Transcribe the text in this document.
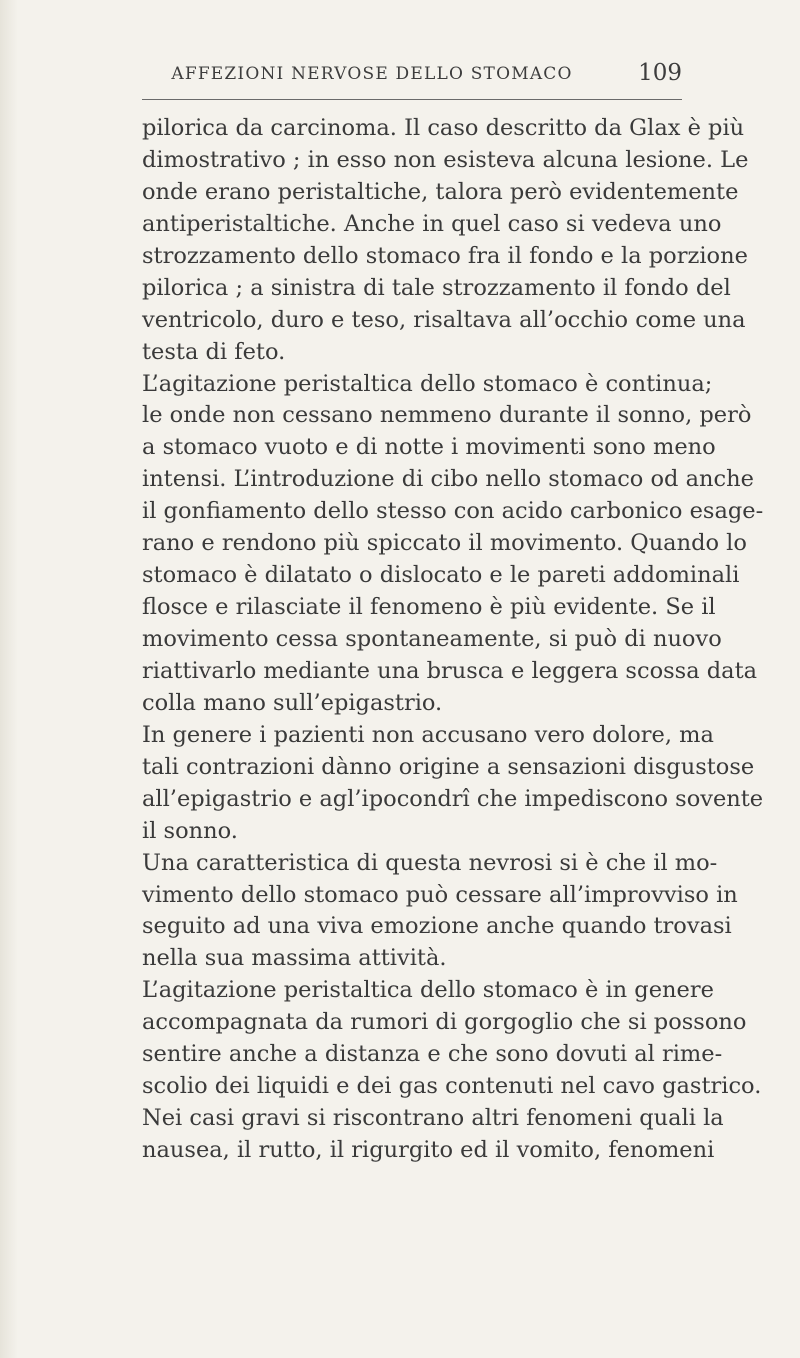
AFFEZIONI NERVOSE DELLO STOMACO	109
pilorica da carcinoma. Il caso descritto da Glax è più
dimostrativo ; in esso non esisteva alcuna lesione. Le
onde erano peristaltiche, talora però evidentemente
antiperistaltiche. Anche in quel caso si vedeva uno
strozzamento dello stomaco fra il fondo e la porzione
pilorica ; a sinistra di tale strozzamento il fondo del
ventricolo, duro e teso, risaltava all’occhio come una
testa di feto.
L’agitazione peristaltica dello stomaco è continua;
le onde non cessano nemmeno durante il sonno, però
a stomaco vuoto e di notte i movimenti sono meno
intensi. L’introduzione di cibo nello stomaco od anche
il gonfiamento dello stesso con acido carbonico esage-
rano e rendono più spiccato il movimento. Quando lo
stomaco è dilatato o dislocato e le pareti addominali
flosce e rilasciate il fenomeno è più evidente. Se il
movimento cessa spontaneamente, si può di nuovo
riattivarlo mediante una brusca e leggera scossa data
colla mano sull’epigastrio.
In genere i pazienti non accusano vero dolore, ma
tali contrazioni dànno origine a sensazioni disgustose
all’epigastrio e agl’ipocondrî che impediscono sovente
il sonno.
Una caratteristica di questa nevrosi si è che il mo-
vimento dello stomaco può cessare all’improvviso in
seguito ad una viva emozione anche quando trovasi
nella sua massima attività.
L’agitazione peristaltica dello stomaco è in genere
accompagnata da rumori di gorgoglio che si possono
sentire anche a distanza e che sono dovuti al rime-
scolio dei liquidi e dei gas contenuti nel cavo gastrico.
Nei casi gravi si riscontrano altri fenomeni quali la
nausea, il rutto, il rigurgito ed il vomito, fenomeni
